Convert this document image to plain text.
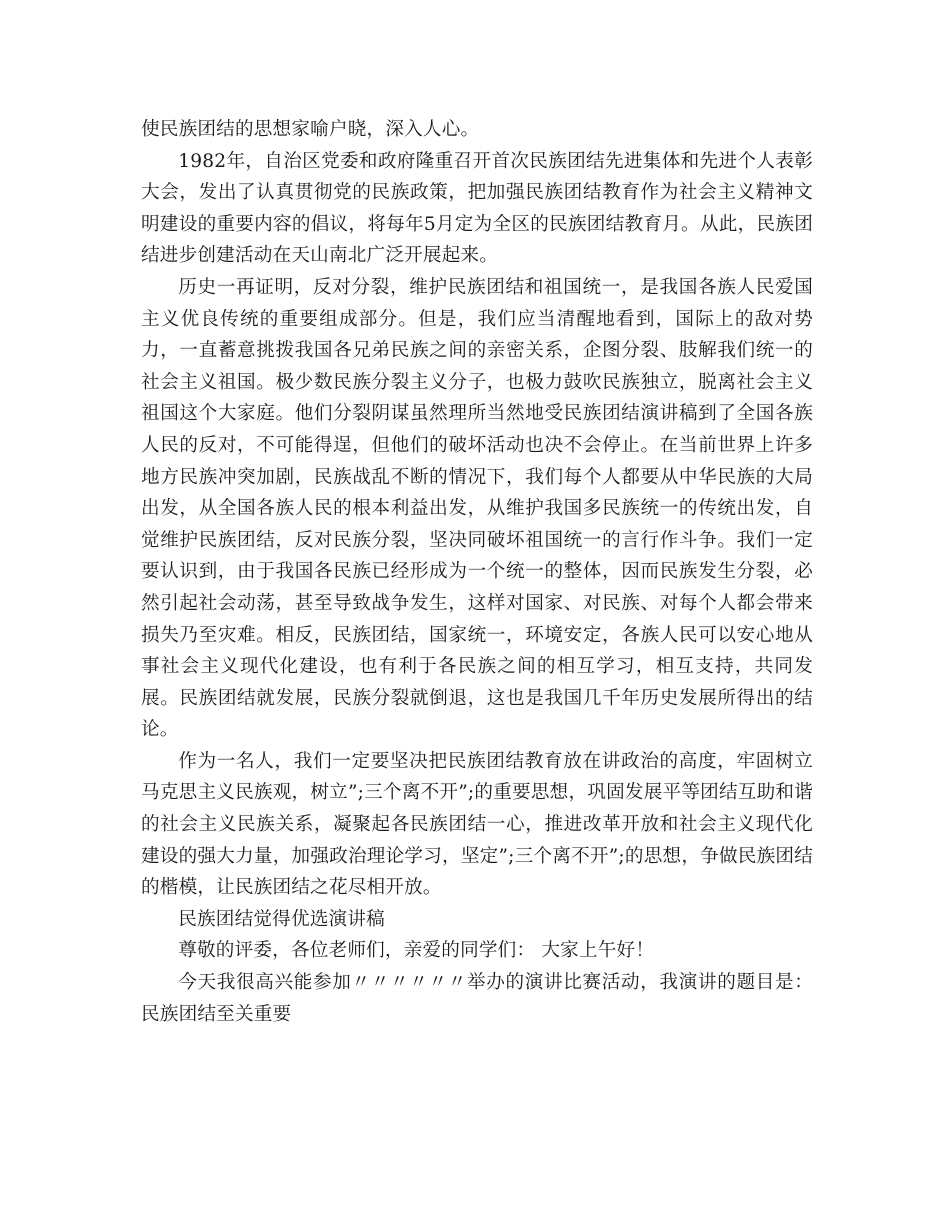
使民族团结的思想家喻户晓，深入人心。

1982年，自治区党委和政府隆重召开首次民族团结先进集体和先进个人表彰大会，发出了认真贯彻党的民族政策，把加强民族团结教育作为社会主义精神文明建设的重要内容的倡议，将每年5月定为全区的民族团结教育月。从此，民族团结进步创建活动在天山南北广泛开展起来。

历史一再证明，反对分裂，维护民族团结和祖国统一，是我国各族人民爱国主义优良传统的重要组成部分。但是，我们应当清醒地看到，国际上的敌对势力，一直蓄意挑拨我国各兄弟民族之间的亲密关系，企图分裂、肢解我们统一的社会主义祖国。极少数民族分裂主义分子，也极力鼓吹民族独立，脱离社会主义祖国这个大家庭。他们分裂阴谋虽然理所当然地受民族团结演讲稿到了全国各族人民的反对，不可能得逞，但他们的破坏活动也决不会停止。在当前世界上许多地方民族冲突加剧，民族战乱不断的情况下，我们每个人都要从中华民族的大局出发，从全国各族人民的根本利益出发，从维护我国多民族统一的传统出发，自觉维护民族团结，反对民族分裂，坚决同破坏祖国统一的言行作斗争。我们一定要认识到，由于我国各民族已经形成为一个统一的整体，因而民族发生分裂，必然引起社会动荡，甚至导致战争发生，这样对国家、对民族、对每个人都会带来损失乃至灾难。相反，民族团结，国家统一，环境安定，各族人民可以安心地从事社会主义现代化建设，也有利于各民族之间的相互学习，相互支持，共同发展。民族团结就发展，民族分裂就倒退，这也是我国几千年历史发展所得出的结论。

作为一名人，我们一定要坚决把民族团结教育放在讲政治的高度，牢固树立马克思主义民族观，树立”;三个离不开”;的重要思想，巩固发展平等团结互助和谐的社会主义民族关系，凝聚起各民族团结一心，推进改革开放和社会主义现代化建设的强大力量，加强政治理论学习，坚定”;三个离不开”;的思想，争做民族团结的楷模，让民族团结之花尽相开放。

民族团结觉得优选演讲稿

尊敬的评委，各位老师们，亲爱的同学们： 大家上午好！

今天我很高兴能参加〃〃〃〃〃〃举办的演讲比赛活动，我演讲的题目是：民族团结至关重要
